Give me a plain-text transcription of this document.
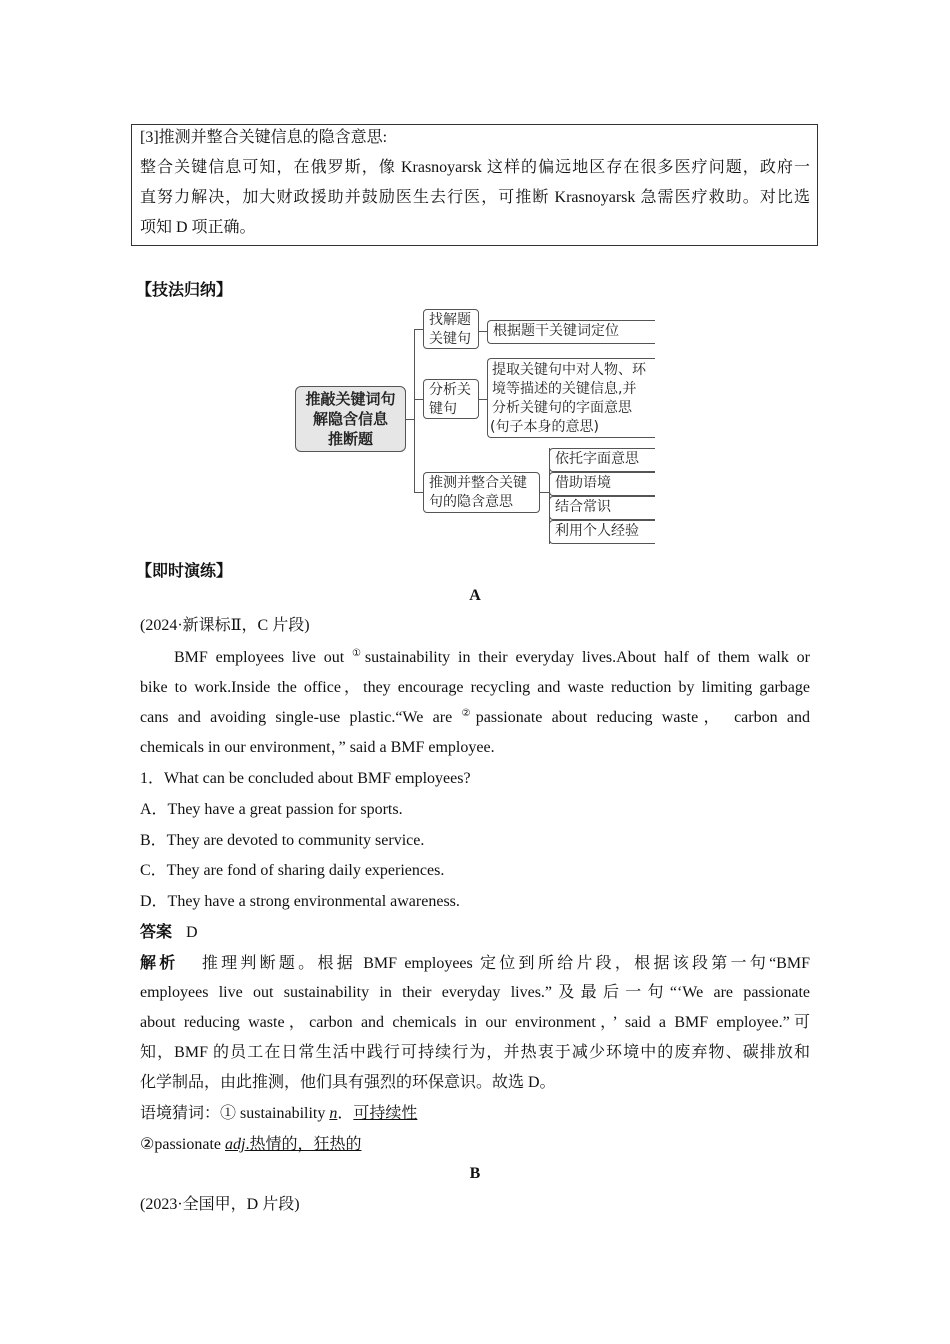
[3]推测并整合关键信息的隐含意思:
整合关键信息可知，在俄罗斯，像 Krasnoyarsk 这样的偏远地区存在很多医疗问题，政府一
直努力解决，加大财政援助并鼓励医生去行医，可推断 Krasnoyarsk 急需医疗救助。对比选
项知 D 项正确。
【技法归纳】
推敲关键词句
解隐含信息
推断题
找解题
关键句	根据题干关键词定位
分析关
键句
提取关键句中对人物、环
境等描述的关键信息,并
分析关键句的字面意思
(句子本身的意思)
推测并整合关键
句的隐含意思
依托字面意思
借助语境
结合常识
利用个人经验
【即时演练】
A
(2024·新课标Ⅱ，C 片段)
BMF employees live out ①sustainability in their everyday lives.About half of them walk or
bike to work.Inside the office，they encourage recycling and waste reduction by limiting garbage
cans and avoiding single-use plastic.“We are ②passionate about reducing waste， carbon and
chemicals in our environment，” said a BMF employee.
1．What can be concluded about BMF employees?
A．They have a great passion for sports.
B．They are devoted to community service.
C．They are fond of sharing daily experiences.
D．They have a strong environmental awareness.
答案 D
解析 推理判断题。根据 BMF employees 定位到所给片段，根据该段第一句“BMF
employees live out sustainability in their everyday lives.”及最后一句“‘We are passionate
about reducing waste，carbon and chemicals in our environment，’ said a BMF employee.”可
知，BMF 的员工在日常生活中践行可持续行为，并热衷于减少环境中的废弃物、碳排放和
化学制品，由此推测，他们具有强烈的环保意识。故选 D。
语境猜词：① sustainability n．可持续性
②passionate adj.热情的，狂热的
B
(2023·全国甲，D 片段)
